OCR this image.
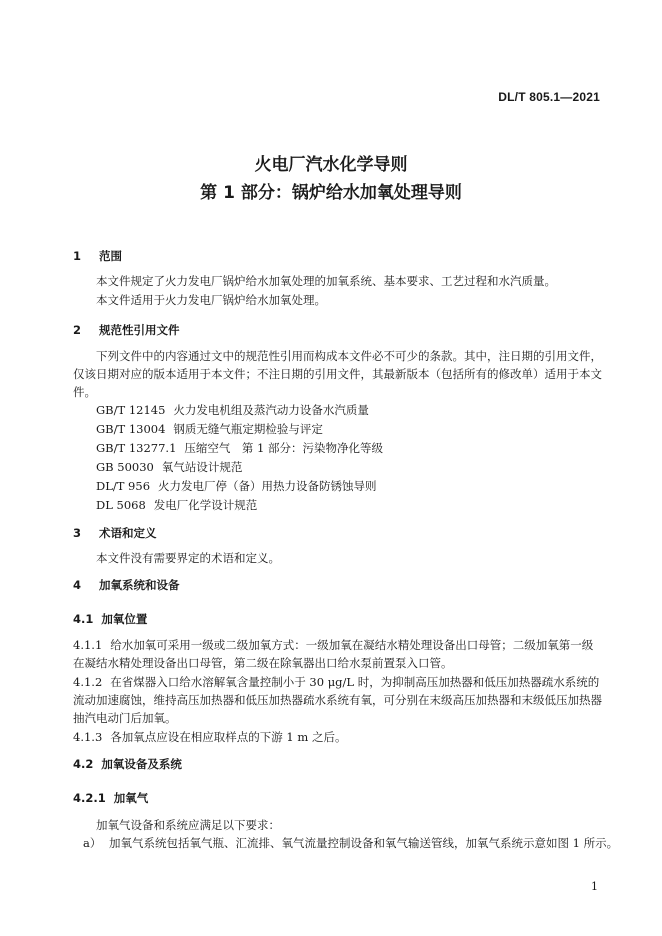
DL/T 805.1—2021
火电厂汽水化学导则
第 1 部分：锅炉给水加氧处理导则
1 范围
本文件规定了火力发电厂锅炉给水加氧处理的加氧系统、基本要求、工艺过程和水汽质量。
本文件适用于火力发电厂锅炉给水加氧处理。
2 规范性引用文件
下列文件中的内容通过文中的规范性引用而构成本文件必不可少的条款。其中，注日期的引用文件，仅该日期对应的版本适用于本文件；不注日期的引用文件，其最新版本（包括所有的修改单）适用于本文件。
GB/T 12145 火力发电机组及蒸汽动力设备水汽质量
GB/T 13004 钢质无缝气瓶定期检验与评定
GB/T 13277.1 压缩空气　第 1 部分：污染物净化等级
GB 50030 氧气站设计规范
DL/T 956 火力发电厂停（备）用热力设备防锈蚀导则
DL 5068 发电厂化学设计规范
3 术语和定义
本文件没有需要界定的术语和定义。
4 加氧系统和设备
4.1 加氧位置
4.1.1 给水加氧可采用一级或二级加氧方式：一级加氧在凝结水精处理设备出口母管；二级加氧第一级在凝结水精处理设备出口母管，第二级在除氧器出口给水泵前置泵入口管。
4.1.2 在省煤器入口给水溶解氧含量控制小于 30 μg/L 时，为抑制高压加热器和低压加热器疏水系统的流动加速腐蚀，维持高压加热器和低压加热器疏水系统有氧，可分别在末级高压加热器和末级低压加热器抽汽电动门后加氧。
4.1.3 各加氧点应设在相应取样点的下游 1 m 之后。
4.2 加氧设备及系统
4.2.1 加氧气
加氧气设备和系统应满足以下要求：
a） 加氧气系统包括氧气瓶、汇流排、氧气流量控制设备和氧气输送管线，加氧气系统示意如图 1 所示。
1
